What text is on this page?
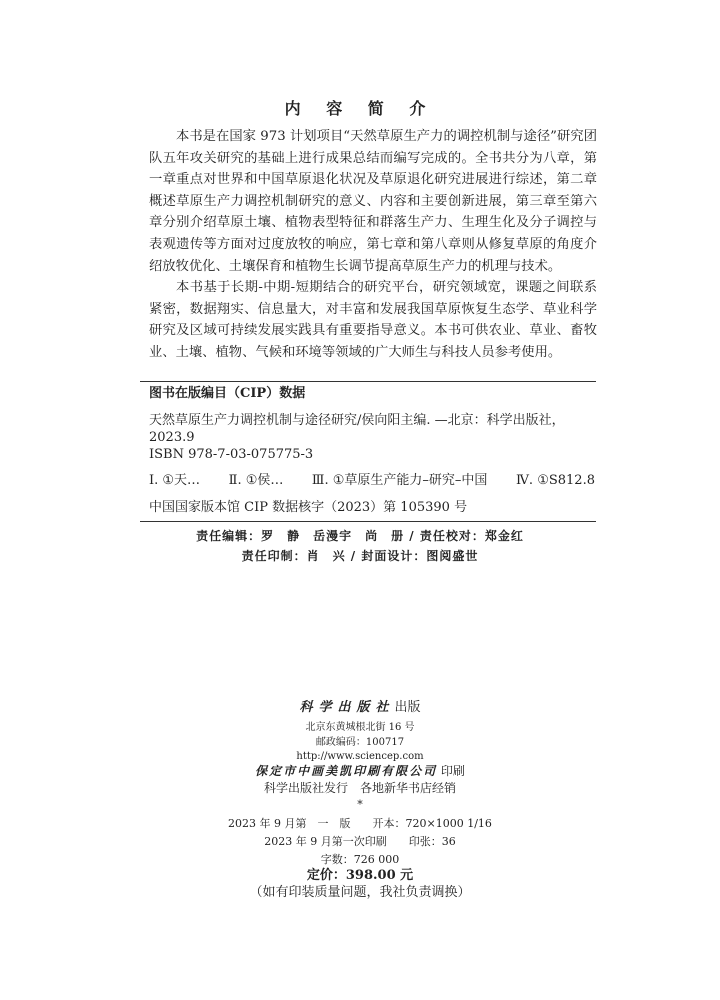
内 容 简 介

本书是在国家 973 计划项目“天然草原生产力的调控机制与途径”研究团队五年攻关研究的基础上进行成果总结而编写完成的。全书共分为八章，第一章重点对世界和中国草原退化状况及草原退化研究进展进行综述，第二章概述草原生产力调控机制研究的意义、内容和主要创新进展，第三章至第六章分别介绍草原土壤、植物表型特征和群落生产力、生理生化及分子调控与表观遗传等方面对过度放牧的响应，第七章和第八章则从修复草原的角度介绍放牧优化、土壤保育和植物生长调节提高草原生产力的机理与技术。

本书基于长期-中期-短期结合的研究平台，研究领域宽，课题之间联系紧密，数据翔实、信息量大，对丰富和发展我国草原恢复生态学、草业科学研究及区域可持续发展实践具有重要指导意义。本书可供农业、草业、畜牧业、土壤、植物、气候和环境等领域的广大师生与科技人员参考使用。

图书在版编目（CIP）数据
天然草原生产力调控机制与途径研究/侯向阳主编. —北京：科学出版社，
2023.9
ISBN 978-7-03-075775-3
Ⅰ. ①天… Ⅱ. ①侯… Ⅲ. ①草原生产能力–研究–中国 Ⅳ. ①S812.8
中国国家版本馆 CIP 数据核字（2023）第 105390 号
责任编辑：罗　静　岳漫宇　尚　册 / 责任校对：郑金红
责任印制：肖　兴 / 封面设计：图阅盛世
科学出版社出版
北京东黄城根北街 16 号
邮政编码：100717
http://www.sciencep.com
保定市中画美凯印刷有限公司 印刷
科学出版社发行　各地新华书店经销
*
2023 年 9 月第　一　版　　开本：720×1000 1/16
2023 年 9 月第一次印刷　　印张：36
字数：726 000
定价：398.00 元
（如有印装质量问题，我社负责调换）
